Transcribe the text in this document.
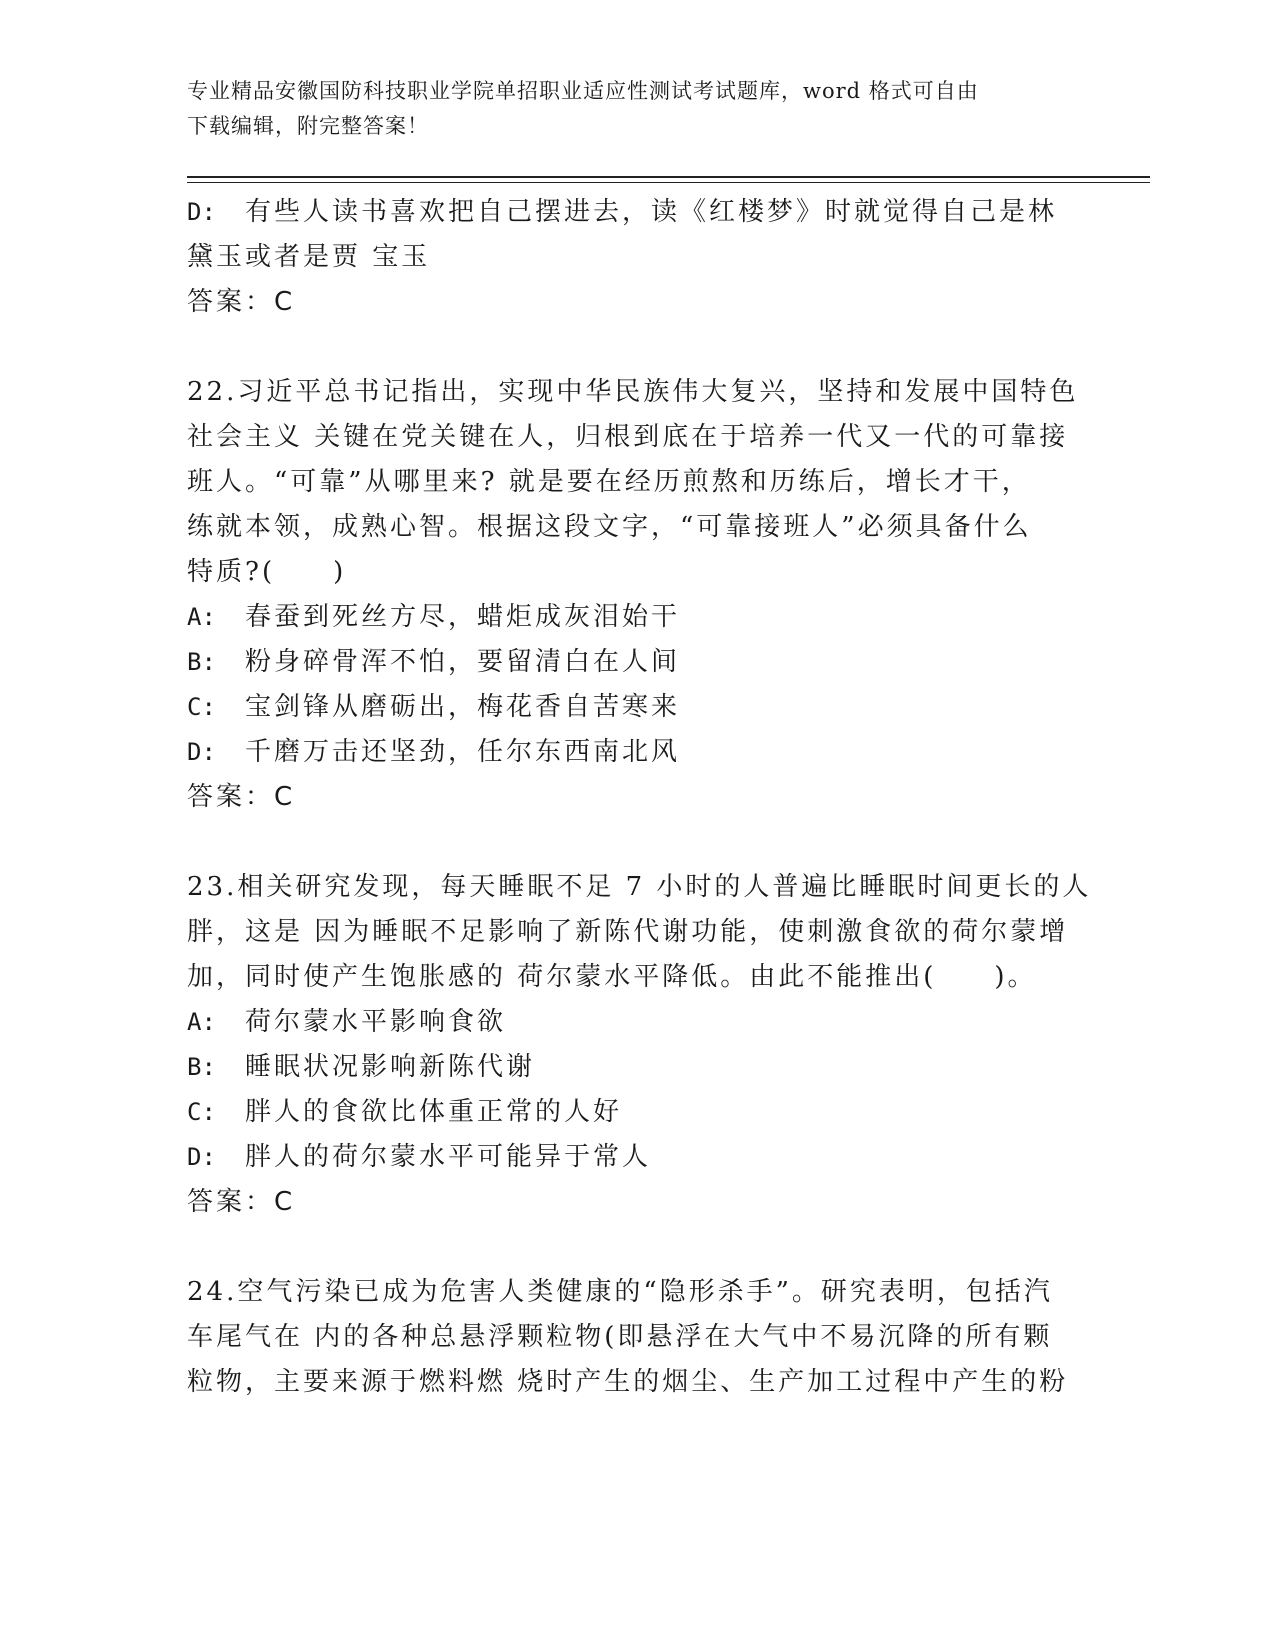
专业精品安徽国防科技职业学院单招职业适应性测试考试题库，word 格式可自由
下载编辑，附完整答案！
D:	有些人读书喜欢把自己摆进去，读《红楼梦》时就觉得自己是林
黛玉或者是贾 宝玉
答案：C
22.习近平总书记指出，实现中华民族伟大复兴，坚持和发展中国特色
社会主义 关键在党关键在人，归根到底在于培养一代又一代的可靠接
班人。“可靠”从哪里来? 就是要在经历煎熬和历练后，增长才干，
练就本领，成熟心智。根据这段文字，“可靠接班人”必须具备什么
特质?(　　)
A:	春蚕到死丝方尽，蜡炬成灰泪始干
B:	粉身碎骨浑不怕，要留清白在人间
C:	宝剑锋从磨砺出，梅花香自苦寒来
D:	千磨万击还坚劲，任尔东西南北风
答案：C
23.相关研究发现，每天睡眠不足 7 小时的人普遍比睡眠时间更长的人
胖，这是 因为睡眠不足影响了新陈代谢功能，使刺激食欲的荷尔蒙增
加，同时使产生饱胀感的 荷尔蒙水平降低。由此不能推出(　　)。
A:	荷尔蒙水平影响食欲
B:	睡眠状况影响新陈代谢
C:	胖人的食欲比体重正常的人好
D:	胖人的荷尔蒙水平可能异于常人
答案：C
24.空气污染已成为危害人类健康的“隐形杀手”。研究表明，包括汽
车尾气在 内的各种总悬浮颗粒物(即悬浮在大气中不易沉降的所有颗
粒物，主要来源于燃料燃 烧时产生的烟尘、生产加工过程中产生的粉
